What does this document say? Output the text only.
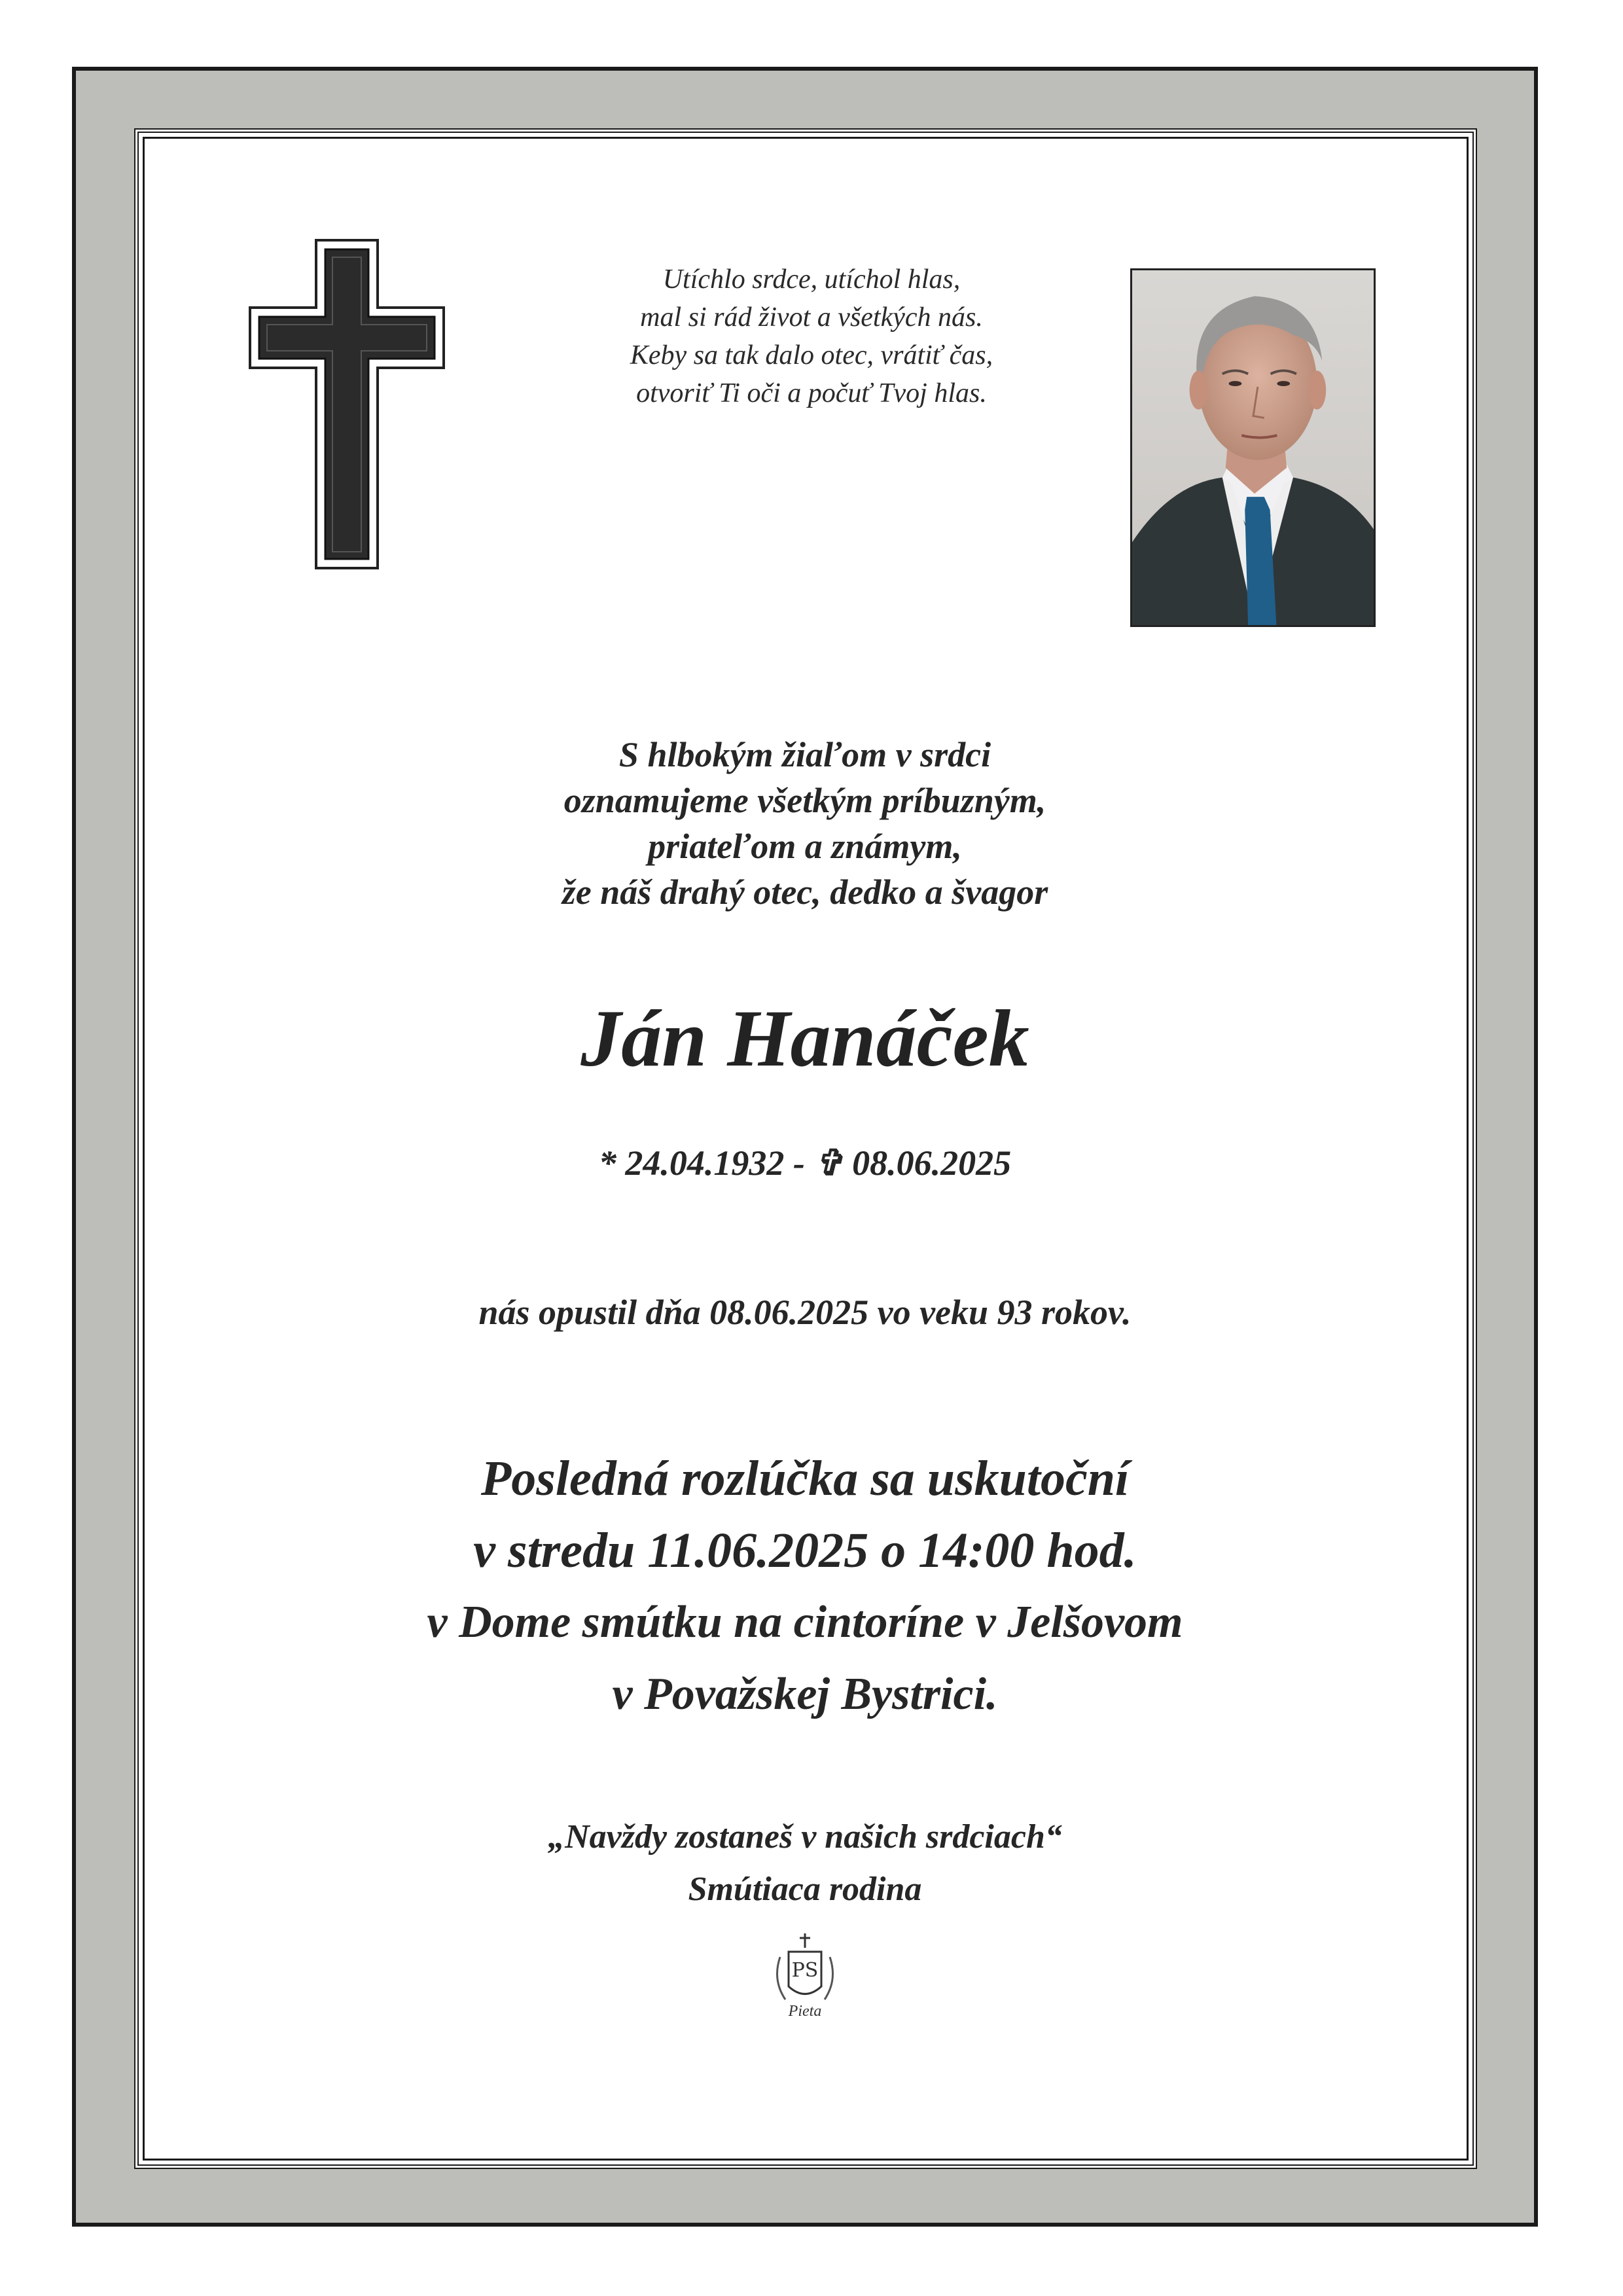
Utíchlo srdce, utíchol hlas,
mal si rád život a všetkých nás.
Keby sa tak dalo otec, vrátiť čas,
otvoriť Ti oči a počuť Tvoj hlas.
S hlbokým žiaľom v srdci
oznamujeme všetkým príbuzným,
priateľom a známym,
že náš drahý otec, dedko a švagor
Ján Hanáček
* 24.04.1932 - ✞ 08.06.2025
nás opustil dňa 08.06.2025 vo veku 93 rokov.
Posledná rozlúčka sa uskutoční
v stredu 11.06.2025 o 14:00 hod.
v Dome smútku na cintoríne v Jelšovom
v Považskej Bystrici.
„Navždy zostaneš v našich srdciach“
Smútiaca rodina
PS
Pieta
